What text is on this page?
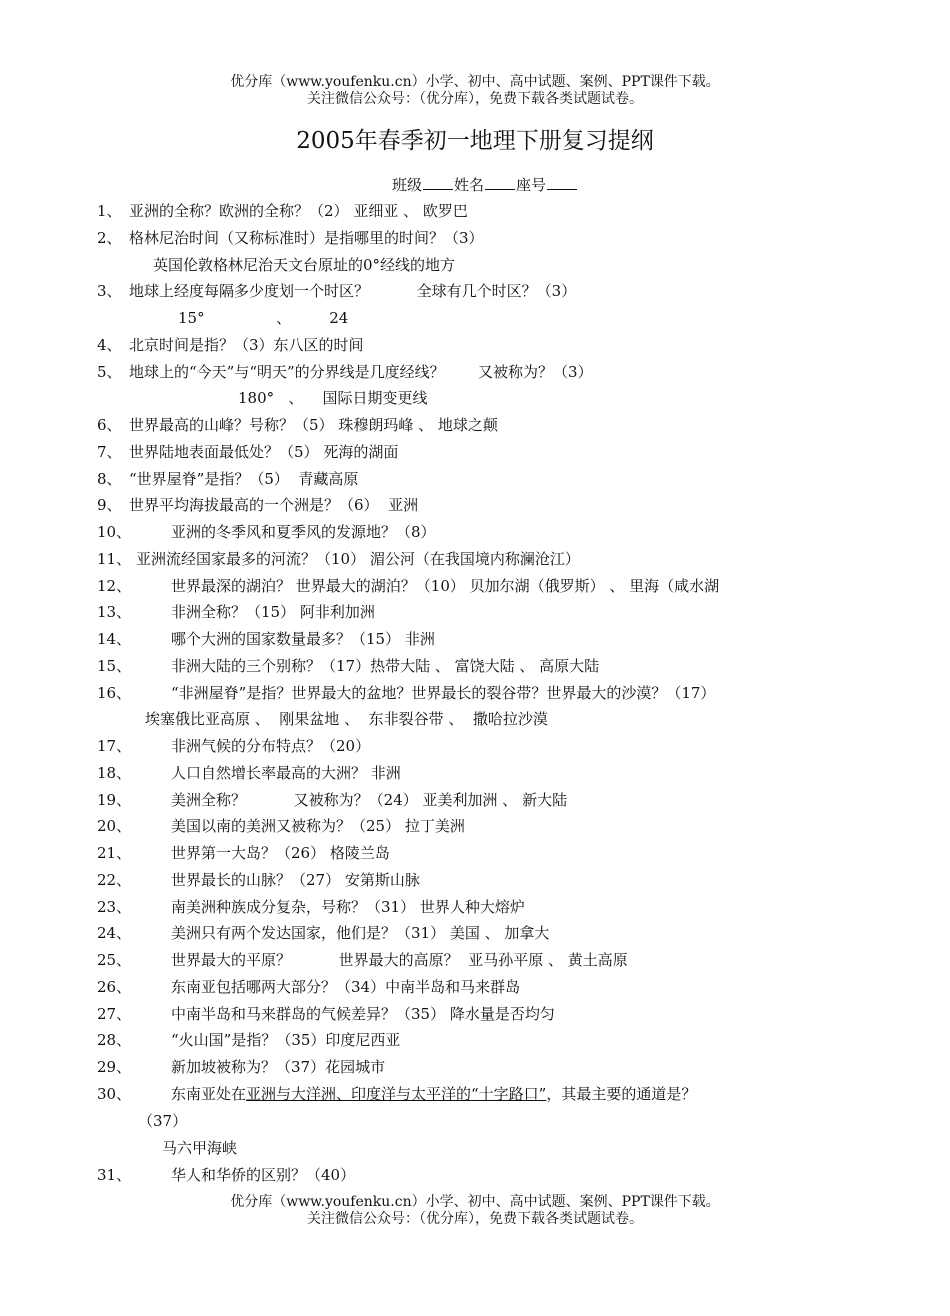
优分库（www.youfenku.cn）小学、初中、高中试题、案例、PPT课件下载。
关注微信公众号：（优分库），免费下载各类试题试卷。
2005年春季初一地理下册复习提纲
班级 姓名 座号
1、 亚洲的全称？欧洲的全称？（2） 亚细亚 、 欧罗巴
2、 格林尼治时间（又称标准时）是指哪里的时间？（3）
英国伦敦格林尼治天文台原址的0°经线的地方
3、 地球上经度每隔多少度划一个时区？          全球有几个时区？（3）
15°               、        24
4、 北京时间是指？（3）东八区的时间
5、 地球上的“今天”与“明天”的分界线是几度经线？       又被称为？（3）
180°   、    国际日期变更线
6、 世界最高的山峰？号称？（5） 珠穆朗玛峰 、 地球之颠
7、 世界陆地表面最低处？（5） 死海的湖面
8、 “世界屋脊”是指？（5）  青藏高原
9、 世界平均海拔最高的一个洲是？（6）  亚洲
10、	亚洲的冬季风和夏季风的发源地？（8）
11、 亚洲流经国家最多的河流？（10） 湄公河（在我国境内称澜沧江）
12、	世界最深的湖泊？ 世界最大的湖泊？（10） 贝加尔湖（俄罗斯） 、 里海（咸水湖
13、	非洲全称？（15） 阿非利加洲
14、	哪个大洲的国家数量最多？（15） 非洲
15、	非洲大陆的三个别称？（17）热带大陆 、 富饶大陆 、 高原大陆
16、	“非洲屋脊”是指？世界最大的盆地？世界最长的裂谷带？世界最大的沙漠？（17）
埃塞俄比亚高原 、  刚果盆地 、  东非裂谷带 、  撒哈拉沙漠
17、	非洲气候的分布特点？（20）
18、	人口自然增长率最高的大洲？ 非洲
19、	美洲全称？          又被称为？（24） 亚美利加洲 、 新大陆
20、	美国以南的美洲又被称为？（25） 拉丁美洲
21、	世界第一大岛？（26） 格陵兰岛
22、	世界最长的山脉？（27） 安第斯山脉
23、	南美洲种族成分复杂，号称？（31） 世界人种大熔炉
24、	美洲只有两个发达国家，他们是？（31） 美国 、 加拿大
25、	世界最大的平原？          世界最大的高原？  亚马孙平原 、 黄土高原
26、	东南亚包括哪两大部分？（34）中南半岛和马来群岛
27、	中南半岛和马来群岛的气候差异？（35） 降水量是否均匀
28、	“火山国”是指？（35）印度尼西亚
29、	新加坡被称为？（37）花园城市
30、	东南亚处在亚洲与大洋洲、印度洋与太平洋的“十字路口”，其最主要的通道是？
（37）
马六甲海峡
31、	华人和华侨的区别？（40）
优分库（www.youfenku.cn）小学、初中、高中试题、案例、PPT课件下载。
关注微信公众号：（优分库），免费下载各类试题试卷。
